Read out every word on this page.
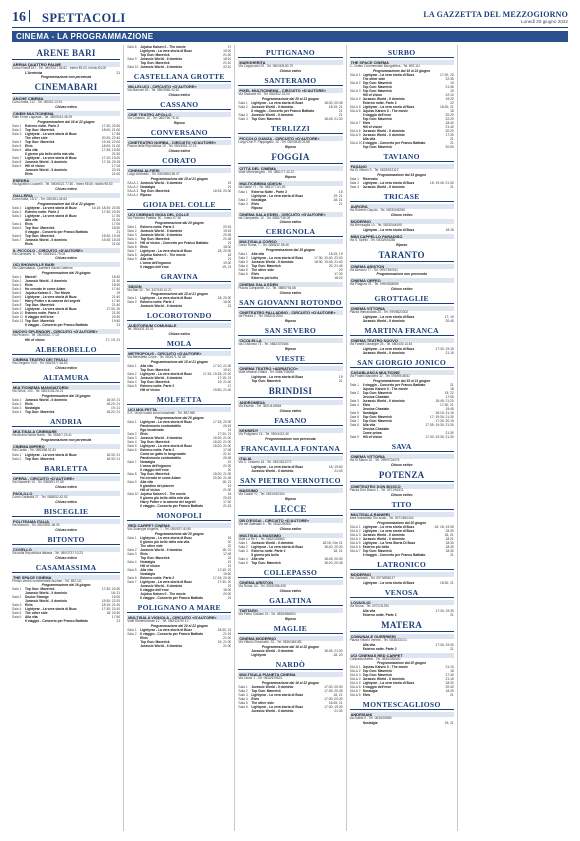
16	SPETTACOLI	LA GAZZETTA DEL MEZZOGIORNO
Lunedì 20 giugno 2022
CINEMA - LA PROGRAMMAZIONE
ARENE BARI
ARENA QUATTRO PALME
Corso Roma 187 - Tel. 080/5427.48.82 - Intero €5,00, ridotto €4,00
L'Arminuta	21
Programmazione non pervenuta
CINEMABARI
ANCHE CINEMA
Corso Italia, 112 - Tel. 080/52.13.91
Chiuso estivo
CINEM MULTICINEMA
Viale Ennio Lagrasta - Tel. 080/5041.48.29
Programmazione dal 16 al 22 giugno
Sala 1	Esterno notte. Parte 2	17:30; 20:30
Sala 2	Top Gun: Maverick	18:00; 21:00
Sala 3	Lightyear - La vera storia di Buzz	17:45
The other side	20:20; 22:40
Sala 4	Top Gun: Maverick	19:15; 22:00
Sala 5	Elvis	18:00; 21:00
Sala 6	Alla vita	17:35; 19:30
Il giorno più bello della mia vita	21:30
Sala 7	Lightyear - La vera storia di Buzz	17:10; 19:20
Sala 8	Jurassic World - Il dominio	17:15; 20:15
Sala 9	Hill of vision	17:15
Jurassic World - Il dominio	20:15
Elvis	21:00
ESEDRA
Via Agostino Lucarelli - Tel. 080/5021.77.80 - Intero €6,50; ridotto €5,50
Chiuso estivo
GALLERIA
Corso Italia, 15/17 - Tel. 080/521.45.63
Programmazione dal 16 al 22 giugno
Sala 1	Lightyear - La vera storia di Buzz	16:15; 18:30; 20:30
Sala 2	Esterno notte. Parte 2	17:30; 20:30
Sala 3	Lightyear - La vera storia di Buzz	17:30
Alla vita	21:00
Sala 4	Elvis	17:00
Sala 5	Top Gun: Maverick	18:30
Il viaggio - Concerto per Franco Battiato	21
Sala 6	Top Gun: Maverick	15:30; 19:15
Sala 7	Jurassic World - Il dominio	15:45; 18:15
Elvis	21:00
IL PICCOLO - CIRCUITO «D'AUTORE»
Via Cornedini, 5 - Tel. 080/5411.75.04
Chiuso estivo
UCI SHOWVILLE BARI
Via Giannattasio, Quartiere Santa Caterina
Programmazione dal 20 giugno
Sala 1	Marcel!	18:30
Sala 2	Jurassic World - Il dominio	21:30
Sala 3	Elvis	18:30
Sala 4	Ho cercato te come Adam	17:40
Sala 5	Jujutsu Kaisen 0 - The Movie	19
Sala 6	Lightyear - La vera storia di Buzz	21:40
Sala 7	Harry Potter e la camera dei segreti	17:40
Sala 8	Top Gun: Maverick	21:40
Sala 9	Lightyear - La vera storia di Buzz	17:30; 20
Sala 10 Esterno notte. Parte 2	21:30
Sala 11 Il viaggio dell'eroe	20:30
Sala 12 Top Gun: Maverick	19:40
Il viaggio - Concerto per Franco Battiato	21
NUOVO SPLENDOR - CIRCUITO «D'AUTORE»
Via Piccinni - Tel. 080/5542.77.02
Hill of vision	17; 19; 21
ALBEROBELLO
CINEMA TEATRO DEI TRULLI
Via Gregorio XVII - Tel. 080/9377.46.83
Chiuso estivo
ALTAMURA
MULTICINEMA MANGIATORDI
Via Selva, 103 - Tel. 080/3105.26.21
Programmazione dal 16 giugno
Sala 1	Jurassic World - Il dominio	18:30; 21
Sala 2	Elvis	18:20; 21
Sala 3	Nostalgia	19; 21
Sala 4	Top Gun: Maverick	18:20; 21
ANDRIA
MULTISALA CINEMARE
Via Andria Santa Maria - Tel. 0883/7.23.41
Programmazione non pervenuta
CINEMA IMPERO
Via Corato - Tel. 0883/58.91.81
Sala 1	Lightyear - La vera storia di Buzz	18:30; 21
Sala 2	Top Gun: Maverick	18:30; 21
BARLETTA
OPERA - CIRCUITO «D'AUTORE»
Via Nazareth 10 - Tel. 0883/51.57.65
Chiuso estivo
PAOLILLO
Corso Garibaldi 27 - Tel. 0883/52.42.92
Chiuso estivo
BISCEGLIE
POLITEAMA ITALIA
Via Marconi - Tel. 080/3951.36.30
Chiuso estivo
BITONTO
COVELLO
Via della Repubblica Italiana - Tel. 080/3737.10.23
Chiuso estivo
CASAMASSIMA
THE SPACE CINEMA
Presso centro commerciale Auchan - Tel. 892.111
Programmazione dal 16 giugno
Sala 1	Top Gun: Maverick	17:30; 20:30
Jurassic World - Il dominio	18; 21
Sala 2	Doctor Strange	16:30
Jurassic World - Il dominio	19:30; 22:20
Sala 3	Elvis	18:10; 21:20
Sala 4	Lightyear - La vera storia di Buzz	17:30; 20:10
Sala 5	The other side	18; 20:30
Sala 6	Alla vita	17:50
Il viaggio - Concerto per Franco Battiato	21
Sala 8	Jujutsu Kaisen 0 - The movie	17
Lightyear - La vera storia di Buzz	19:20
Top Gun: Maverick	21:40
Sala 9	Jurassic World - Il dominio	18:10
Top Gun: Maverick	21:10
Sala 10 Jurassic World - Il dominio	22:10
CASTELLANA GROTTE
MILLELUCI - CIRCUITO «D'AUTORE»
Via Marconi 69 - Tel. 080/4965.42.62
Chiuso estivo
CASSANO
CINE TEATRO APOLLO
Via Codomo, 10 - Tel. 080/766.78.10
Riposo
CONVERSANO
CINETEATRO NORBA - CIRCUITO «D'AUTORE»
Piazza della Repubblica 19 - Tel. 080/4951.22.19
Chiuso estivo
CORATO
CINEMA ALFIERI
Largo Arbarello - Tel. 080/3584.95.37
Programmazione dal 15 al 21 giugno
SALA 1 Jurassic World - Il dominio	19
SALA 2 Nostalgia	21
SALA 3 Top Gun: Maverick	18:15; 20:30
SALA 4 Riposo
GIOIA DEL COLLE
UCI CINEMAS GIOIA DEL COLLE
Via Federico Patetta, 80 - Intero €7,50
Programmazione dal 20 giugno
Sala 1	Esterno notte. Parte 2	20:15
Sala 2	Jurassic World - Il dominio	19:15
Sala 3	Jurassic World - Il dominio	20:45
Sala 4	Top Gun: Maverick	21:45
Sala 5	Hill of vision - Concerto per Franco Battiato	21
Sala 6	Elvis	18:30
Sala 7	Lightyear - La vera storia di Buzz	18; 20:30
Sala 8	Jujutsu Kaisen 0 - The movie	18
Sala 9	Alla vita	21
L'arma dell'inganno	19:30
Il viaggio dell'eroe	19; 21
GRAVINA
SIDION
Via Bari 32 - Tel. 347/240.41.21
Programmazione dal 15 al 21 giugno
Sala 1	Lightyear - La vera storia di Buzz	18; 20:30
Sala 2	Esterno notte. Parte 1	18:30
Jurassic World - Il dominio	21
LOCOROTONDO
AUDITORIUM COMUNALE
Tel. 080/431.30.01
Chiuso estivo
MOLA
METROPOLIS - CIRCUITO «D'AUTORE»
Via Benedetto Croce - Tel. 080/471.30.38
Programmazione dal 15 al 21 giugno
Sala 1	Alla vita	17:10; 21:30
Top Gun: Maverick	19:10
Sala 2	Lightyear - La vera storia di Buzz	17:10; 19:15; 21:20
Sala 3	Jurassic World - Il dominio	17:15; 21
Sala 4	Top Gun: Maverick	19; 21:40
Sala 5	Esterno notte. Parte 2	17
Hill of vision	19:50; 21:40
MOLFETTA
UCI MOLFETTA
S.S. 16 bis uscita zona industriale - Tel. 892.960
Programmazione dal 20 giugno
Sala 1	Lightyear - La vera storia di Buzz	17:15; 20:30
Pandemonio controdattilo	20:15
Ego incatenato	21
Sala 2	Elvis	17:30; 21
Sala 3	Jurassic World - Il dominio	18:20; 21:30
Sala 4	Top Gun: Maverick	18:20; 21:30
Sala 5	Lightyear - La vera storia di Buzz	18:20; 21:30
Sala 6	Esterno notte. Parte 2	17:45
Come un gatto in tangenziale	21:10
Pandemonio controdattilo	20:45
Sala 7	Nostalgia	19
L'arma dell'inganno	21:30
Il viaggio dell'eroe	20
Sala 8	Top Gun: Maverick	18:20; 21:30
Ho cercato te come Adam	20:30; 21:45
Sala 9	Alla vita	18; 21
Il giardino del piacere	19
Hill of vision	21:30
Sala 10 Jujutsu Kaisen 0 - The movie	18
Il giorno più bello della mia vita	20:15
Harry Potter e la camera dei segreti	17:30
Il viaggio - Concerto per Franco Battiato	21:15
MONOPOLI
RED CARPET CINEMA
Via Giuseppe Angelini, 7 - Tel. 080/937.40.80
Programmazione dal 20 giugno
Sala 1	Lightyear - La vera storia di Buzz	18
Il giorno più bello della mia vita	20
The other side	22
Sala 2	Jurassic World - Il dominio	18; 21
Sala 3	Elvis	17:45
Top Gun: Maverick	21
Sala 4	Nostalgia	19
Hill of vision	21
Sala 5	Alla vita	17:40; 22
Nostalgia	19:50
Sala 6	Esterno notte. Parte 2	17:15; 20:30
Sala 7	Lightyear - La vera storia di Buzz	17:30; 20
Jurassic World - Il dominio	22
Il viaggio dell'eroe	18:30
Jujutsu Kaisen 0 - The movie	20:30
Il viaggio - Concerto per Franco Battiato	21
POLIGNANO A MARE
MULTISALA VIGNOLA - CIRCUITO «D'AUTORE»
Viale Rimembranze 12 - Tel. 080/424.90.12
Programmazione dal 20 al 22 giugno
Sala 1	Lightyear - La vera storia di Buzz	18:30; 21
Sala 2	Il viaggio - Concerto per Franco Battiato	21:15
Elvis	21:00
Top Gun: Maverick	19; 21:30
Jurassic World - Il dominio	21:30
PUTIGNANO
MARGHERITA
Via Cappuccini 29 - Tel. 080/405.83.79
Chiuso estivo
SANTERAMO
PIXEL MULTICINEMA - CIRCUITO «D'AUTORE»
Via Stazione 49 - Tel. 080/302.33.00
Programmazione dal 20 al 21 giugno
Sala 1	Lightyear - La vera storia di Buzz	18:30; 20:45
Sala 2	Jurassic World - Il dominio	18:15; 21
Il viaggio - Concerto per Franco Battiato	21
Sala 3	Jurassic World - Il dominio	21
Sala 4	Top Gun: Maverick	18:45; 21:30
TERLIZZI
PICCOLO GANZA - CIRCUITO «D'AUTORE»
Largo Don P. Pappagallo, 10 - Tel. 080/3518.03.88
Riposo
FOGGIA
CITTÀ DEL CINEMA
Viale Michelangelo - Tel. 0881/77.42.22
Riposo
MULTICINEMA ODEON
via Dante 71 - Tel. 0881/77.61.49
Sala 1	Esterno Notte - Parte 2	18
Lightyear - La vera storia di Buzz	19; 21
Sala 2	Nostalgia	18; 21
Sala 3	Elvis	21
Riposo
CINEMA SALA EDEN - CIRCUITO «D'AUTORE»
via Campanile, 10 - Tel. 0881/746.09
Chiuso estivo
CERIGNOLA
MULTISALA CORSO
Corso Roma, 7 - Tel. 0885/42.08.46
Programmazione dal 15 giugno
Sala 1	Alla vita	18:15; 19
Sala 2	Lightyear - La vera storia di Buzz	17:30; 20:30; 22:00
Sala 3	Jurassic World - Il dominio	18:30; 19:45; 21:40
Sala 4	Top Gun: Maverick	20; 21:45
Sala 5	The other side	20
Sala 6	Elvis	17:30
Esterno più bello	18:20
CINEMA SALA EDEN
Piazza Campanile, 10 - Tel. 0885/794.68
Chiuso estivo
SAN GIOVANNI ROTONDO
CINETEATRO PALLADINO - CIRCUITO «D'AUTORE»
via Pistoia 2 - Tel. 0882/412064
Riposo
SAN SEVERO
CICOLELLA
via D'Alfonso 73 - Tel. 0882/375484
Riposo
VIESTE
CINEMA TEATRO «ADRIATICO»
Viale Marinai d'Italia - Tel. 0884/708098
Lightyear - La vera storia di Buzz	19
Top Gun: Maverick	21
BRINDISI
ANDROMEDA
Via Eschilo - Tel. 0831/418894
Chiuso estivo
FASANO
KENNEDY
Via Polignano 15 - Tel. 080/4413.46
Programmazione non pervenuta
FRANCAVILLA FONTANA
ITALIA
Via S. Cesareo 16 - Tel. 0831/812272
Lightyear - La vera storia di Buzz	18; 19:50
Jurassic World - Il dominio	21:40
SAN PIETRO VERNOTICO
MASSIMO
Via Caduti 70 - Tel. 0831/652154
Riposo
LECCE
DB D'ESSAI - CIRCUITO «D'AUTORE»
Via dei Salesiani 4 - Tel. 0832/390557
Chiuso estivo
MULTISALA MASSIMO
Viale Lo Re 1 - Tel. 0832/305563
Sala 1	Jurassic World - Il dominio	18:15; Ore 21
Sala 2	Lightyear - La vera storia di Buzz	18:40; 20:30
Sala 3	Esterno notte. Parte 2	18; 21
Il giorno più bello
Sala 4	Alla vita	18:45; 20:30
Sala 5	Top Gun: Maverick	18:20; 20:45
COLLEPASSO
CINEMA ARISTON
Via Roma, 63 - Tel. 0833/286.408
Chiuso estivo
GALATINA
TARTARO
Via Pietro Siciliani 19 - Tel. 0836/566853
Riposo
MAGLIE
CINEMA MODERNO
Via Vittorio Emanuele, 32 - Tel. 0836/484185
Programmazione dal 16 al 22 giugno
Jurassic World - Il dominio	18:45; 21:30
Lightyear	18; 20
NARDÒ
MULTISALA PIANETA CINEMA
Via Lecce 1 - Tel. 0833/576624
Programmazione dal 16 al 22 giugno
Sala 1	Jurassic World - Il dominio	17:30; 20:30
Sala 2	Top Gun: Maverick	17:45; 20:45
Sala 3	Lightyear - La vera storia di Buzz	18; 21
Sala 4	Elvis	17:30; 20:30
Sala 5	The other side	18:45; 21
Sala 6	Lightyear - La vera storia di Buzz	17:30; 19:30
Jurassic World - Il dominio	21:30
SURBO
THE SPACE CINEMA
C. Centro Commerciale Mongolfiera - Tel. 892.111
Programmazione dal 16 al 22 giugno
SALA 1 Lightyear - La vera storia di Buzz	17:20; 20
The other side	22:35
SALA 2 Top Gun: Maverick	19
Top Gun: Maverick	21:45
SALA 3 Top Gun: Maverick	19
Hill of vision	22:10
SALA 4 Jurassic World - Il dominio	19:20
Esterno notte. Parte 2	22
SALA 5 Lightyear - La vera storia di Buzz	18:20; 21
SALA 6 Jujutsu Kaisen 0 - The movie	18
Il viaggio dell'eroe	20:20
Top Gun: Maverick	22:20
SALA 7 Elvis	18:40
Hill of vision	21:40
SALA 8 Jurassic World - Il dominio	20:20
SALA 9 Jurassic World - Il dominio	17:30
Alla vita	21
SALA 10 Il viaggio - Concerto per Franco Battiato	21
Top Gun: Maverick	20:50
TAVIANO
FASANO
Via Di Vittorio 9 - Tel. 0833/913112
Programmazione dal 15 giugno
Sala 1	Riservato
Sala 2	Lightyear - La vera storia di Buzz	18; 19:45; 21:30
Sala 3	Jurassic World - Il dominio	21
TRICASE
AURORA
Via Roberto Caputo - Tel. 0833/545286
Chiuso estivo
MODERNO
Via Brenzaglia 10 - Tel. 0833/544495
Lightyear - La vera storia di Buzz	18:15
MINI CAPPELLO PARADISO
Via S. Spirito - Tel. 0833/545286
Riposo
TARANTO
CINEMA ARISTON
Via Abruzzo 77 - Tel. 099/7360011
Programmazione non pervenuta
CINEMA ORFEO
Via Pitagora 78 - Tel. 099/4538555
Chiuso estivo
GROTTAGLIE
CINEMA VITTORIA
Piazza Immacolata 25 - Tel. 099/5623302
Lightyear - La vera storia di Buzz	17; 19
Jurassic World - Il dominio	20:45
MARTINA FRANCA
CINEMA TEATRO NUOVO
Via Fanelli Giuseppe 25 - Tel. 080/430.14.81
Lightyear - La vera storia di Buzz	17:30; 19:15
Jurassic World - Il dominio	21:15
SAN GIORGIO JONICO
CASABLANCA MULTICINE
Via Fratelli Bandiera 32 - Tel. 099/5918052
Programmazione dal 15 al 21 giugno
Sala 1	Il viaggio - Concerto per Franco Battiato	21
Jujutsu Kaisen 0 - The movie	18
Sala 2	Top Gun: Maverick	19; 22
Jessica Chastain	17:05
Sala 3	Jurassic World - Il dominio	18:45; 21:20
Sala 4	Elvis	17:30; 21
Jessica Chastain	19:45
Sala 5	Nostalgia	18:15; 21:15
Sala 6	Top Gun: Maverick	17; 19:30; 21:30
Sala 7	Top Gun: Maverick	17:30; 20:15
Sala 8	Alla vita	17:35; 19:30; 21:30
Jessica Chastain
Come prima	21:30
Sala 9	Hill of vision	17:30; 19:30; 21:30
SAVA
CINEMA VITTORIA
Via Di Marzo 32 - Tel. 099/9726076
Chiuso estivo
POTENZA
CINETEATRO DON BOSCO
Piazza Don Bosco 1 - Tel. 0971/51511
Chiuso estivo
TITO
MULTISALA RANIERI
Area Industriale Tito scalo - Tel. 0971/651344
Programmazione dal 20 giugno
SALA 1 Lightyear - La vera storia di Buzz	16; 18; 19:30
SALA 2 Lightyear - La vera storia di Buzz	18:30
SALA 3 Jurassic World - Il dominio	18; 21
SALA 4 Jurassic World - Il dominio	18:21
SALA 5 Lightyear - La Vera Storia Di Buzz	18:30
SALA 6 Esterno più bello	18:30
SALA 7 Top Gun: Maverick	18:30
Il viaggio - Concerto per Franco Battiato	21
LATRONICO
MODERNO
Via Garibaldi - Tel. 0973/858137
Lightyear - La vera storia di Buzz	18:30; 21
VENOSA
LOVAGLIO
Via Roma - Tel. 0972/31290
Alla vita	17:30; 19:30
Esterno notte. Parte 2	21
MATERA
COMUNALE GUERRIERI
Piazza Vittorio Veneto - Tel. 0835/333.01
Alla vita	17:30; 19:30
Esterno notte. Parte 2	21
UCI CINEMAS RED CARPET
Contrada Matine - Tel. 0835/335500
Programmazione dal 20 giugno
SALA 1 Jujutsu Kaisen 0 - The movie	21:10
SALA 2 Top Gun: Maverick	18
SALA 3 Top Gun: Maverick	17:30
SALA 4 Jurassic World - Il dominio	21:15
SALA 5 Lightyear - La vera storia di Buzz	18:30
SALA 6 Il viaggio dell'eroe	20:40
SALA 7 Nostalgia	18:30
SALA 8 Elvis	21
MONTESCAGLIOSO
ANDRISANI
via Sottile 6 - Tel. 0835/20889
Nostalgia	19; 21
